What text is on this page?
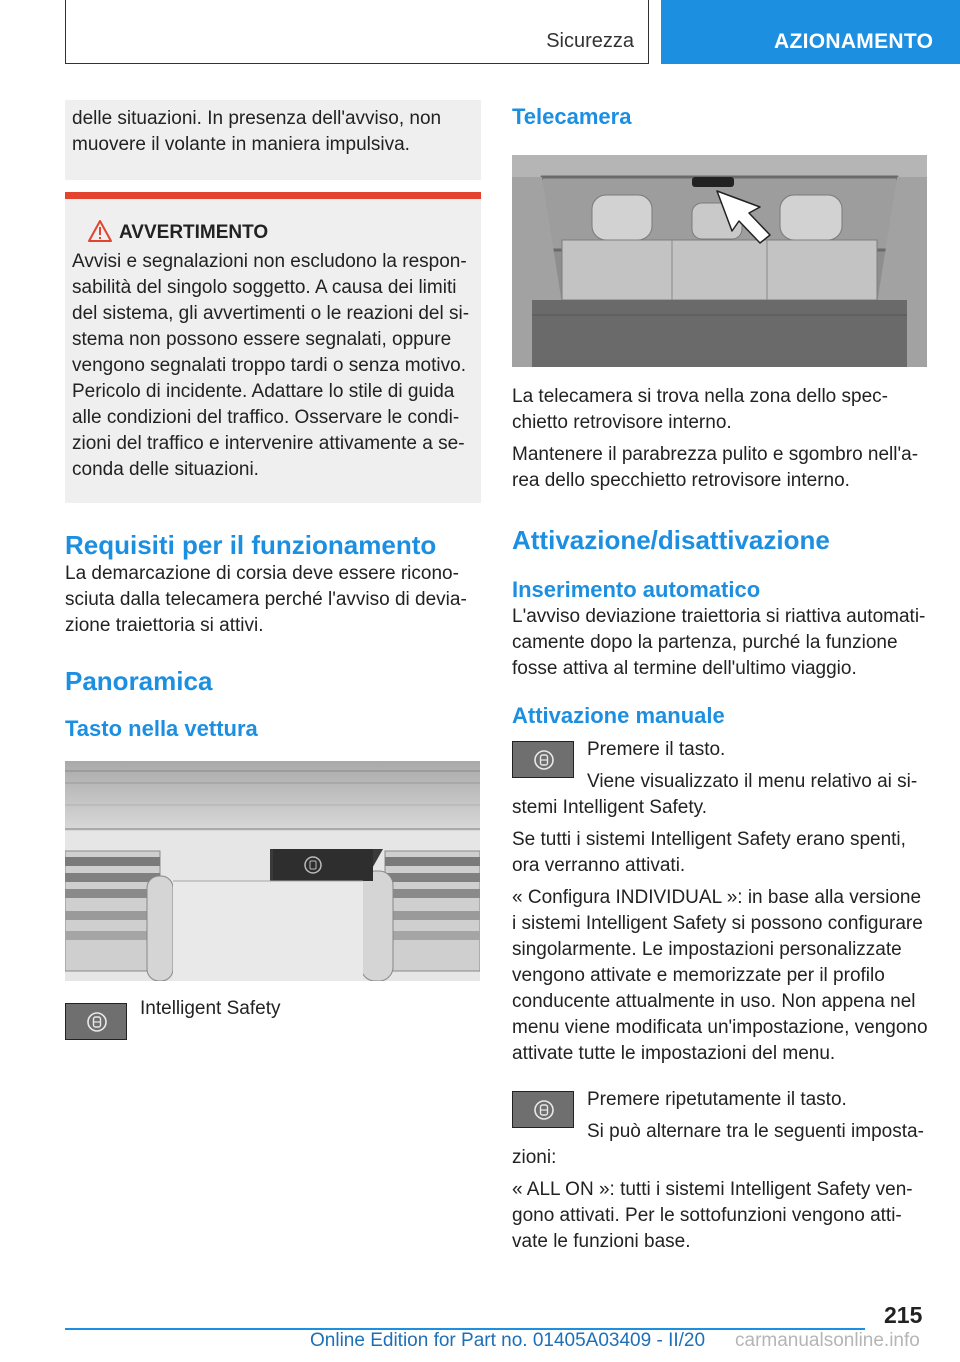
Sicurezza	AZIONAMENTO
delle situazioni. In presenza dell'avviso, non muovere il volante in maniera impulsiva.
AVVERTIMENTO

Avvisi e segnalazioni non escludono la responsabilità del singolo soggetto. A causa dei limiti del sistema, gli avvertimenti o le reazioni del sistema non possono essere segnalati, oppure vengono segnalati troppo tardi o senza motivo. Pericolo di incidente. Adattare lo stile di guida alle condizioni del traffico. Osservare le condizioni del traffico e intervenire attivamente a seconda delle situazioni.

Requisiti per il funzionamento

La demarcazione di corsia deve essere riconosciuta dalla telecamera perché l'avviso di deviazione traiettoria si attivi.

Panoramica
Tasto nella vettura

Intelligent Safety

Telecamera

La telecamera si trova nella zona dello specchietto retrovisore interno.

Mantenere il parabrezza pulito e sgombro nell'area dello specchietto retrovisore interno.

Attivazione/disattivazione
Inserimento automatico

L'avviso deviazione traiettoria si riattiva automaticamente dopo la partenza, purché la funzione fosse attiva al termine dell'ultimo viaggio.

Attivazione manuale

Premere il tasto.

Viene visualizzato il menu relativo ai sistemi Intelligent Safety.

Se tutti i sistemi Intelligent Safety erano spenti, ora verranno attivati.

« Configura INDIVIDUAL »: in base alla versione i sistemi Intelligent Safety si possono configurare singolarmente. Le impostazioni personalizzate vengono attivate e memorizzate per il profilo conducente attualmente in uso. Non appena nel menu viene modificata un'impostazione, vengono attivate tutte le impostazioni del menu.

Premere ripetutamente il tasto.

Si può alternare tra le seguenti impostazioni:

« ALL ON »: tutti i sistemi Intelligent Safety vengono attivati. Per le sottofunzioni vengono attivate le funzioni base.

215
Online Edition for Part no. 01405A03409 - II/20 carmanualsonline.info
